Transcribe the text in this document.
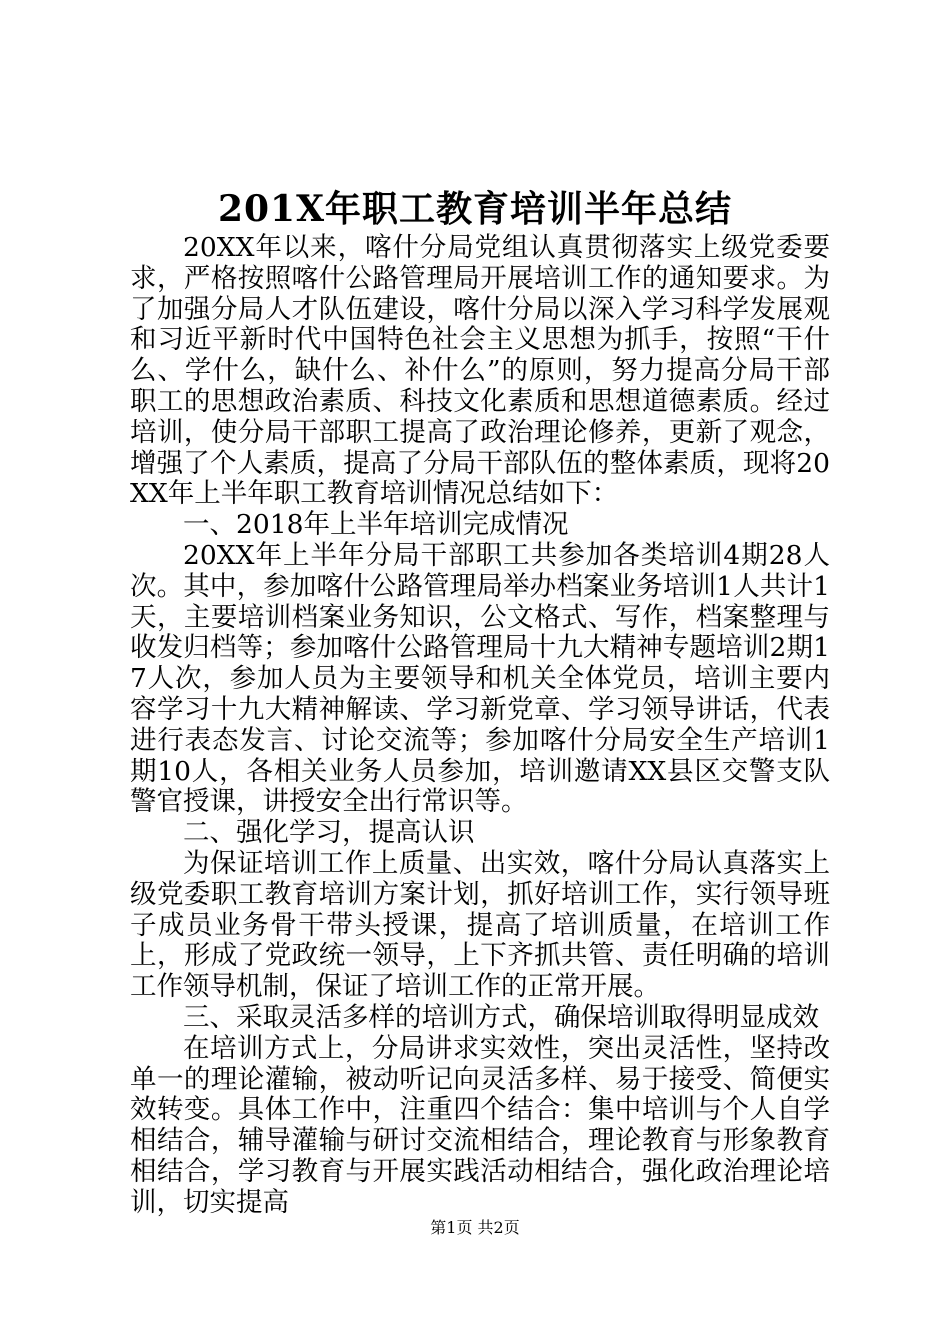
201X年职工教育培训半年总结

20XX年以来，喀什分局党组认真贯彻落实上级党委要求，严格按照喀什公路管理局开展培训工作的通知要求。为了加强分局人才队伍建设，喀什分局以深入学习科学发展观和习近平新时代中国特色社会主义思想为抓手，按照“干什么、学什么，缺什么、补什么”的原则，努力提高分局干部职工的思想政治素质、科技文化素质和思想道德素质。经过培训，使分局干部职工提高了政治理论修养，更新了观念，增强了个人素质，提高了分局干部队伍的整体素质，现将20XX年上半年职工教育培训情况总结如下：

一、2018年上半年培训完成情况

20XX年上半年分局干部职工共参加各类培训4期28人次。其中，参加喀什公路管理局举办档案业务培训1人共计1天，主要培训档案业务知识，公文格式、写作，档案整理与收发归档等；参加喀什公路管理局十九大精神专题培训2期17人次，参加人员为主要领导和机关全体党员，培训主要内容学习十九大精神解读、学习新党章、学习领导讲话，代表进行表态发言、讨论交流等；参加喀什分局安全生产培训1期10人，各相关业务人员参加，培训邀请XX县区交警支队警官授课，讲授安全出行常识等。

二、强化学习，提高认识

为保证培训工作上质量、出实效，喀什分局认真落实上级党委职工教育培训方案计划，抓好培训工作，实行领导班子成员业务骨干带头授课，提高了培训质量，在培训工作上，形成了党政统一领导，上下齐抓共管、责任明确的培训工作领导机制，保证了培训工作的正常开展。

三、采取灵活多样的培训方式，确保培训取得明显成效

在培训方式上，分局讲求实效性，突出灵活性，坚持改单一的理论灌输，被动听记向灵活多样、易于接受、简便实效转变。具体工作中，注重四个结合：集中培训与个人自学相结合，辅导灌输与研讨交流相结合，理论教育与形象教育相结合，学习教育与开展实践活动相结合，强化政治理论培训，切实提高

第1页 共2页
